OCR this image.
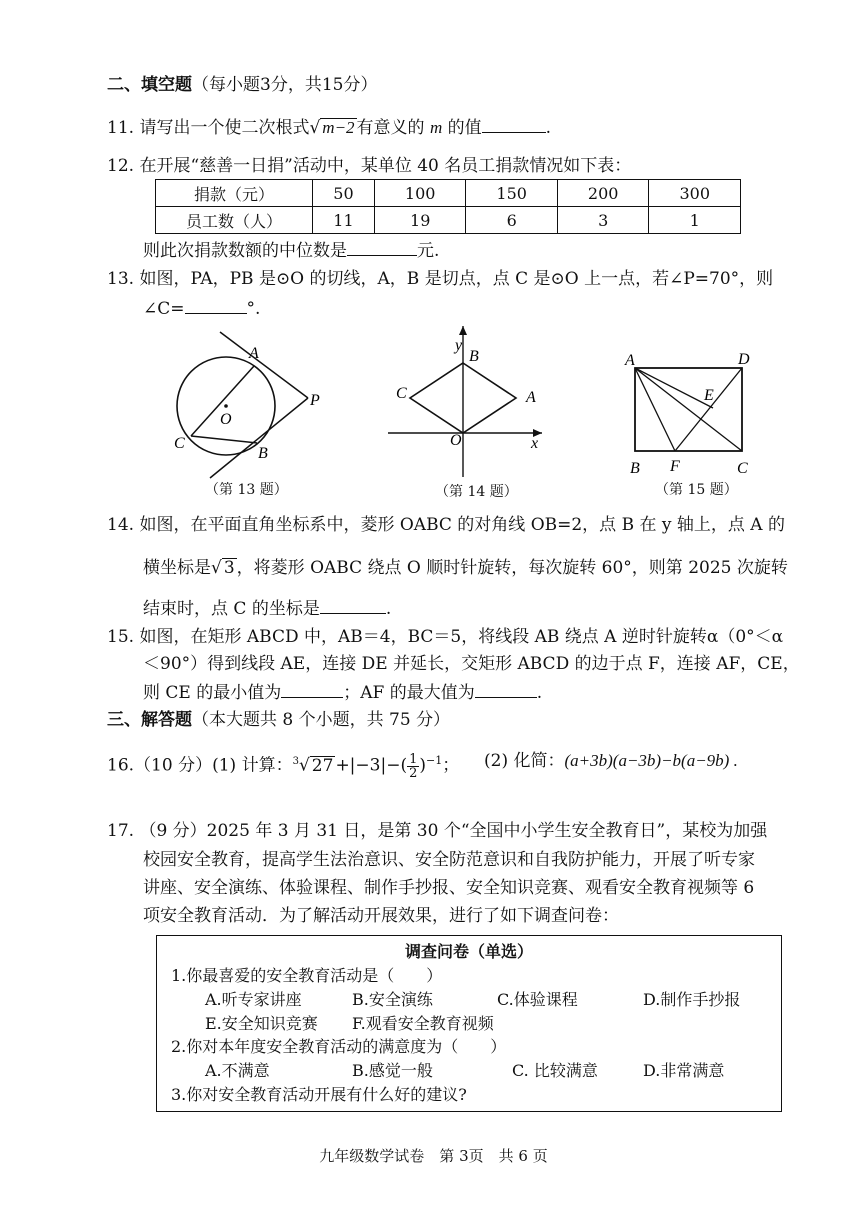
二、填空题（每小题3分，共15分）
11. 请写出一个使二次根式√ m−2 有意义的 m 的值	.
12. 在开展“慈善一日捐”活动中，某单位 40 名员工捐款情况如下表：
捐款（元）	50	100	150	200	300
员工数（人）	11	19	6	3	1
则此次捐款数额的中位数是	元.
13. 如图，PA，PB 是⊙O 的切线，A，B 是切点，点 C 是⊙O 上一点，若∠P=70°，则
∠C=	°.
A
O
P
C
B
（第 13 题）
y
B
C	A
O	x
（第 14 题）
A	D
E
B F	C
（第 15 题）
14. 如图，在平面直角坐标系中，菱形 OABC 的对角线 OB=2，点 B 在 y 轴上，点 A 的
横坐标是√ 3 ，将菱形 OABC 绕点 O 顺时针旋转，每次旋转 60°，则第 2025 次旋转
结束时，点 C 的坐标是	.
15. 如图，在矩形 ABCD 中，AB＝4，BC＝5，将线段 AB 绕点 A 逆时针旋转α（0°＜α
＜90°）得到线段 AE，连接 DE 并延长，交矩形 ABCD 的边于点 F，连接 AF，CE，
则 CE 的最小值为	；AF 的最大值为	.
三、解答题（本大题共 8 个小题，共 75 分）
16.（10 分）(1) 计算：$^3$√ $27 +|-3|-( \frac{1}{2} )^{-1}$； (2) 化简：(a+3b)(a−3b)−b(a−9b) .
17. （9 分）2025 年 3 月 31 日，是第 30 个“全国中小学生安全教育日”，某校为加强
校园安全教育，提高学生法治意识、安全防范意识和自我防护能力，开展了听专家
讲座、安全演练、体验课程、制作手抄报、安全知识竞赛、观看安全教育视频等 6
项安全教育活动．为了解活动开展效果，进行了如下调查问卷：
调查问卷（单选）
1.你最喜爱的安全教育活动是（　　）
A.听专家讲座	B.安全演练	C.体验课程	D.制作手抄报
E.安全知识竞赛 F.观看安全教育视频
2.你对本年度安全教育活动的满意度为（　　）
A.不满意	B.感觉一般	C. 比较满意	D.非常满意
3.你对安全教育活动开展有什么好的建议?
九年级数学试卷　第 3页　共 6 页
